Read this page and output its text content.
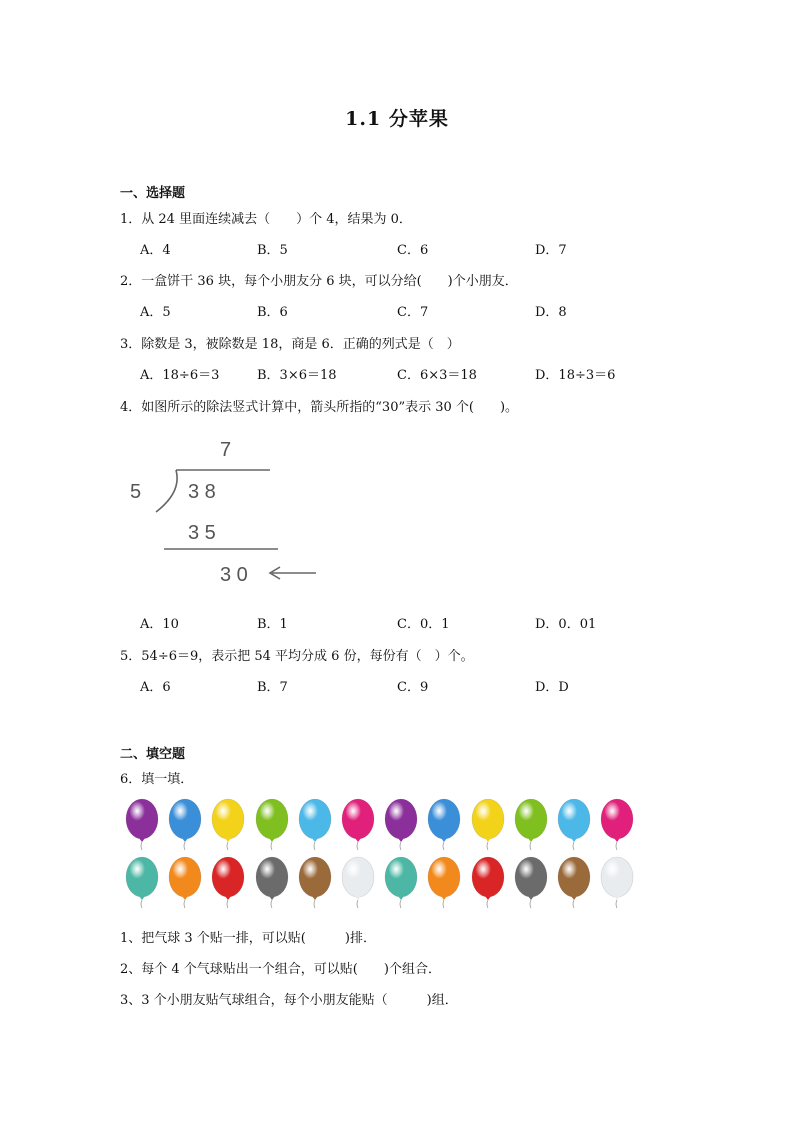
1.1 分苹果
一、选择题
1．从 24 里面连续减去（　　）个 4，结果为 0．
A．4	B．5	C．6	D．7
2．一盒饼干 36 块，每个小朋友分 6 块，可以分给(　　)个小朋友．
A．5	B．6	C．7	D．8
3．除数是 3，被除数是 18，商是 6．正确的列式是（　）
A．18÷6＝3	B．3×6＝18	C．6×3＝18	D．18÷3＝6
4．如图所示的除法竖式计算中，箭头所指的“30”表示 30 个(　　)。
7
5 3 8
3 5
3 0
A．10	B．1	C．0．1	D．0．01
5．54÷6＝9，表示把 54 平均分成 6 份，每份有（　）个。
A．6	B．7	C．9	D．D
二、填空题
6．填一填．
1、把气球 3 个贴一排，可以贴(　　　)排．
2、每个 4 个气球贴出一个组合，可以贴(　　)个组合．
3、3 个小朋友贴气球组合，每个小朋友能贴（　　　)组．
